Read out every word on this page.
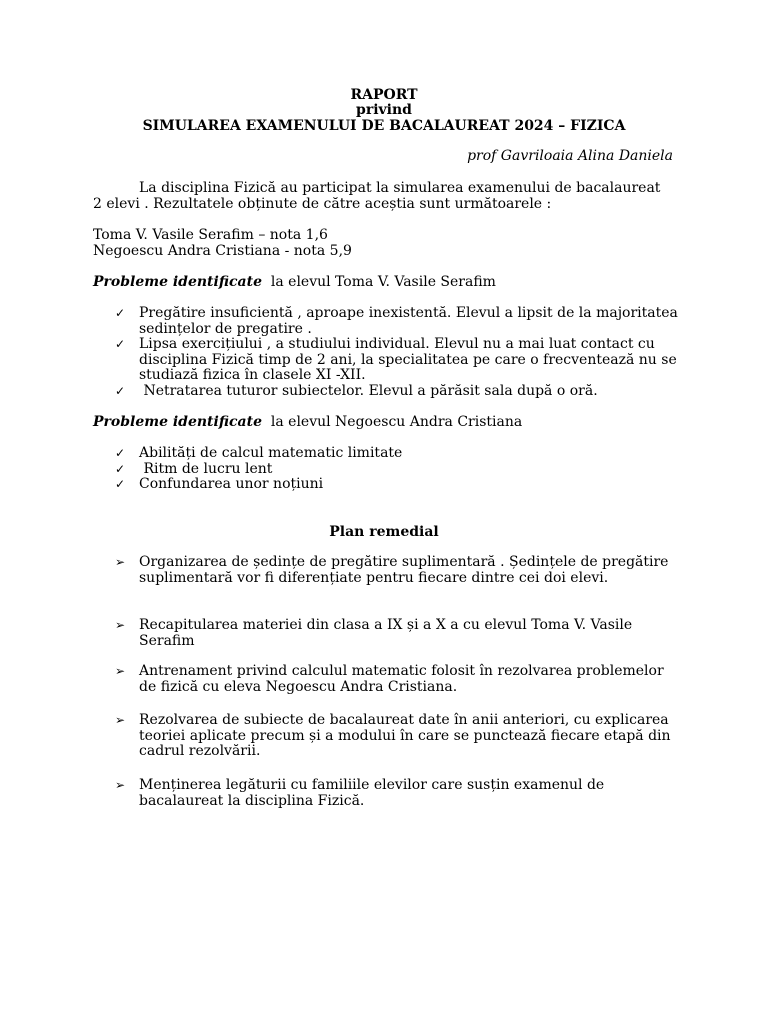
RAPORT
privind
SIMULAREA EXAMENULUI DE BACALAUREAT 2024 – FIZICA
prof Gavriloaia Alina Daniela
La disciplina Fizică au participat la simularea examenului de bacalaureat
2 elevi . Rezultatele obținute de către aceștia sunt următoarele :
Toma V. Vasile Serafim – nota 1,6
Negoescu Andra Cristiana - nota 5,9
Probleme identificate  la elevul Toma V. Vasile Serafim
✓ Pregătire insuficientă , aproape inexistentă. Elevul a lipsit de la majoritatea sedințelor de pregatire .
✓ Lipsa exercițiului , a studiului individual. Elevul nu a mai luat contact cu disciplina Fizică timp de 2 ani, la specialitatea pe care o frecventează nu se studiază fizica în clasele XI -XII.
✓ Netratarea tuturor subiectelor. Elevul a părăsit sala după o oră.
Probleme identificate  la elevul Negoescu Andra Cristiana
✓ Abilități de calcul matematic limitate
✓ Ritm de lucru lent
✓ Confundarea unor noțiuni
Plan remedial
➢ Organizarea de ședințe de pregătire suplimentară . Ședințele de pregătire suplimentară vor fi diferențiate pentru fiecare dintre cei doi elevi.
➢ Recapitularea materiei din clasa a IX și a X a cu elevul Toma V. Vasile Serafim
➢ Antrenament privind calculul matematic folosit în rezolvarea problemelor de fizică cu eleva Negoescu Andra Cristiana.
➢ Rezolvarea de subiecte de bacalaureat date în anii anteriori, cu explicarea teoriei aplicate precum și a modului în care se punctează fiecare etapă din cadrul rezolvării.
➢ Menținerea legăturii cu familiile elevilor care susțin examenul de bacalaureat la disciplina Fizică.
